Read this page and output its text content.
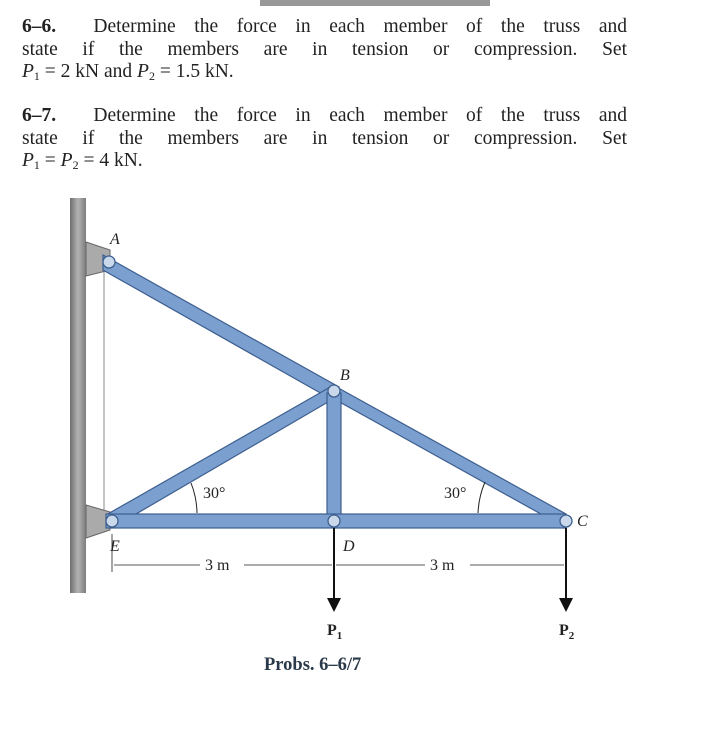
6–6. Determine the force in each member of the truss and
state if the members are in tension or compression. Set
$P_1 = 2$ kN and $P_2 = 1.5$ kN.
6–7. Determine the force in each member of the truss and
state if the members are in tension or compression. Set
$P_1 = P_2 = 4$ kN.
A
B
C
D
E
30°	30°
3 m	3 m
$P_1$	$P_2$
Probs. 6–6/7
